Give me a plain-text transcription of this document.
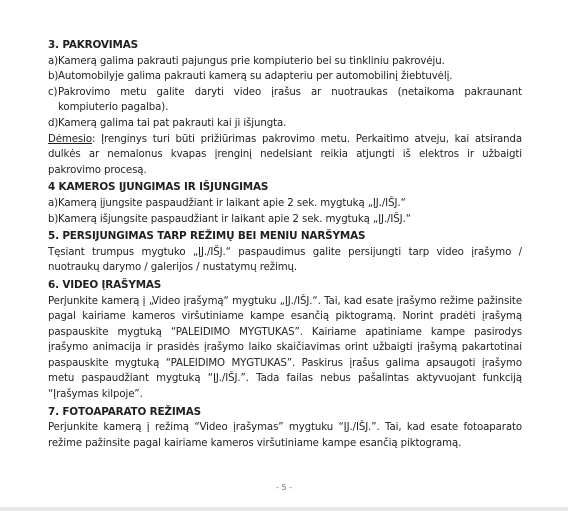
3. PAKROVIMAS

a) Kamerą galima pakrauti pajungus prie kompiuterio bei su tinkliniu pakrovėju.
b) Automobilyje galima pakrauti kamerą su adapteriu per automobilinį žiebtuvėlį.
c) Pakrovimo metu galite daryti video įrašus ar nuotraukas (netaikoma pakraunant kompiuterio pagalba).
d) Kamerą galima tai pat pakrauti kai ji išjungta.

Dėmesio: Įrenginys turi būti prižiūrimas pakrovimo metu. Perkaitimo atveju, kai atsiranda dulkės ar nemalonus kvapas įrenginį nedelsiant reikia atjungti iš elektros ir užbaigti pakrovimo procesą.

4 KAMEROS ĮJUNGIMAS IR IŠJUNGIMAS

a) Kamerą įjungsite paspaudžiant ir laikant apie 2 sek. mygtuką „ĮJ./IŠJ.“
b) Kamerą išjungsite paspaudžiant ir laikant apie 2 sek. mygtuką „ĮJ./IŠJ.“

5. PERSIJUNGIMAS TARP REŽIMŲ BEI MENIU NARŠYMAS

Tęsiant trumpus mygtuko „ĮJ./IŠJ.“ paspaudimus galite persijungti tarp video įrašymo / nuotraukų darymo / galerijos / nustatymų režimų.

6. VIDEO ĮRAŠYMAS

Perjunkite kamerą į „Video įrašymą“ mygtuku „ĮJ./IŠJ.“. Tai, kad esate įrašymo režime pažinsite pagal kairiame kameros viršutiniame kampe esančią piktogramą. Norint pradėti įrašymą paspauskite mygtuką “PALEIDIMO MYGTUKAS”. Kairiame apatiniame kampe pasirodys įrašymo animacija ir prasidės įrašymo laiko skaičiavimas orint užbaigti įrašymą pakartotinai paspauskite mygtuką “PALEIDIMO MYGTUKAS”. Paskirus įrašus galima apsaugoti įrašymo metu paspaudžiant mygtuką “ĮJ./IŠJ.”. Tada failas nebus pašalintas aktyvuojant funkciją “Įrašymas kilpoje”.

7. FOTOAPARATO REŽIMAS

Perjunkite kamerą į režimą “Video įrašymas” mygtuku “ĮJ./IŠJ.”. Tai, kad esate fotoaparato režime pažinsite pagal kairiame kameros viršutiniame kampe esančią piktogramą.

- 5 -
